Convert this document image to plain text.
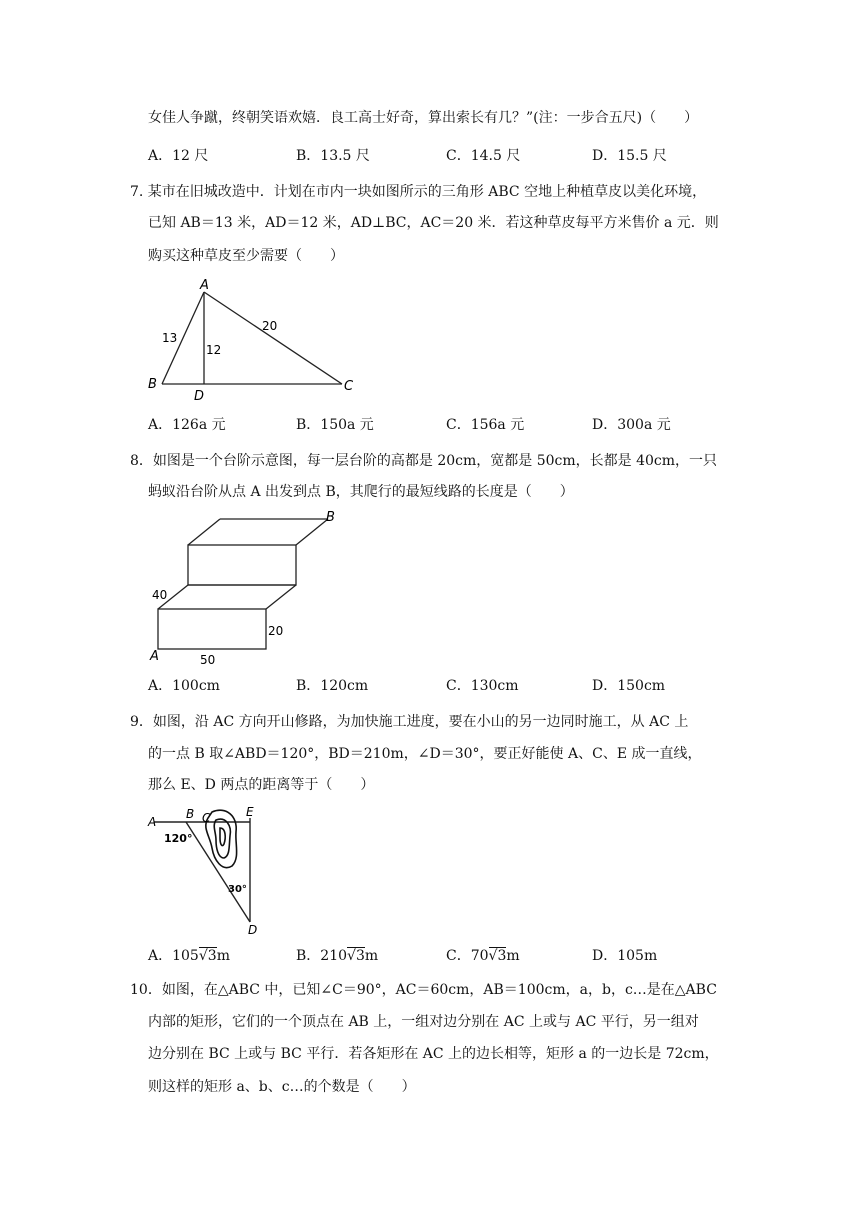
女佳人争蹴，终朝笑语欢嬉．良工高士好奇，算出索长有几？”(注：一步合五尺)（　　）
A．12 尺	B．13.5 尺	C．14.5 尺	D．15.5 尺
7. 某市在旧城改造中．计划在市内一块如图所示的三角形 ABC 空地上种植草皮以美化环境，
已知 AB＝13 米，AD＝12 米，AD⊥BC，AC＝20 米．若这种草皮每平方米售价 a 元．则
购买这种草皮至少需要（　　）
A
B
D
C
13
12
20
A．126a 元	B．150a 元	C．156a 元	D．300a 元
8．如图是一个台阶示意图，每一层台阶的高都是 20cm，宽都是 50cm，长都是 40cm，一只
蚂蚁沿台阶从点 A 出发到点 B，其爬行的最短线路的长度是（　　）
B
40
20
A	50
A．100cm	B．120cm	C．130cm	D．150cm
9．如图，沿 AC 方向开山修路，为加快施工进度，要在小山的另一边同时施工，从 AC 上
的一点 B 取∠ABD＝120°，BD＝210m，∠D＝30°，要正好能使 A、C、E 成一直线，
那么 E、D 两点的距离等于（　　）
A
B C	E
120°
30°
D
A．105√3m	B．210√3m	C．70√3m	D．105m
10．如图，在△ABC 中，已知∠C＝90°，AC＝60cm，AB＝100cm，a，b，c…是在△ABC
内部的矩形，它们的一个顶点在 AB 上，一组对边分别在 AC 上或与 AC 平行，另一组对
边分别在 BC 上或与 BC 平行．若各矩形在 AC 上的边长相等，矩形 a 的一边长是 72cm，
则这样的矩形 a、b、c…的个数是（　　）
